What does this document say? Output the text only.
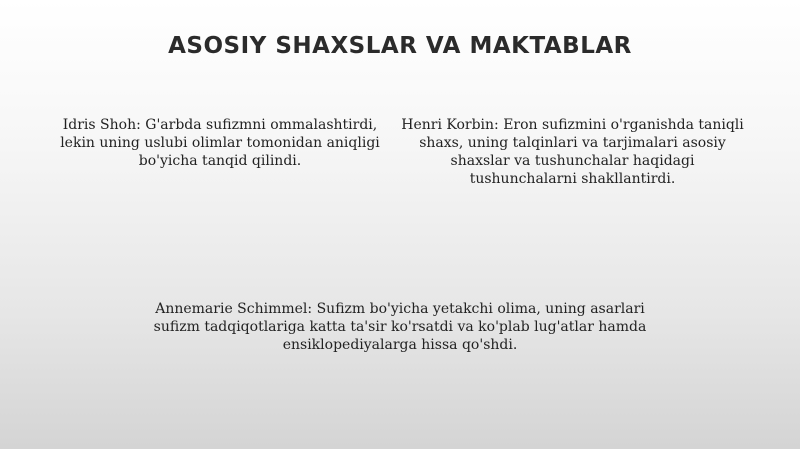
ASOSIY SHAXSLAR VA MAKTABLAR
Idris Shoh: G'arbda sufizmni ommalashtirdi, lekin uning uslubi olimlar tomonidan aniqligi bo'yicha tanqid qilindi.
Henri Korbin: Eron sufizmini o'rganishda taniqli shaxs, uning talqinlari va tarjimalari asosiy shaxslar va tushunchalar haqidagi tushunchalarni shakllantirdi.
Annemarie Schimmel: Sufizm bo'yicha yetakchi olima, uning asarlari sufizm tadqiqotlariga katta ta'sir ko'rsatdi va ko'plab lug'atlar hamda ensiklopediyalarga hissa qo'shdi.
